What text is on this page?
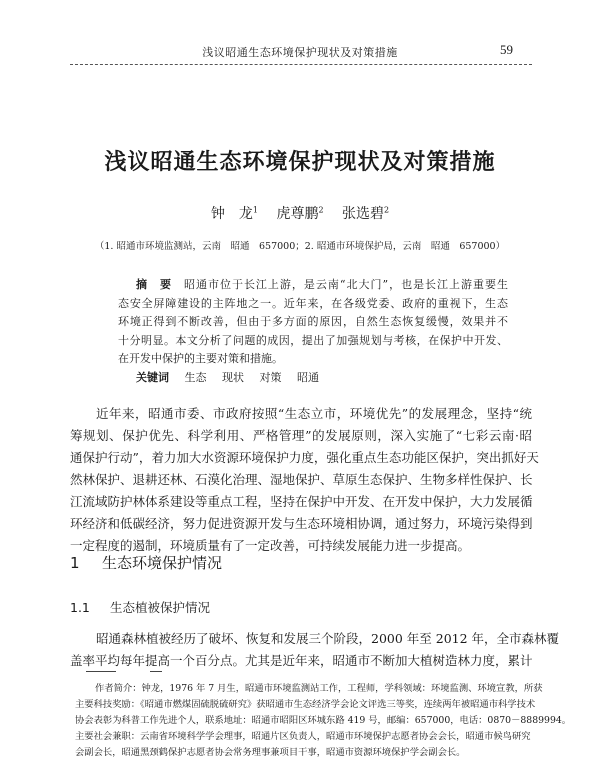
浅议昭通生态环境保护现状及对策措施	59
浅议昭通生态环境保护现状及对策措施
钟　龙$^1$ 虎尊鹏$^2$ 张选碧$^2$
（1. 昭通市环境监测站，云南　昭通　657000；2. 昭通市环境保护局，云南　昭通　657000）
摘　要 昭通市位于长江上游，是云南“北大门”，也是长江上游重要生
态安全屏障建设的主阵地之一。近年来，在各级党委、政府的重视下，生态
环境正得到不断改善，但由于多方面的原因，自然生态恢复缓慢，效果并不
十分明显。本文分析了问题的成因，提出了加强规划与考核，在保护中开发、
在开发中保护的主要对策和措施。
关键词 生态 现状 对策 昭通
近年来，昭通市委、市政府按照“生态立市，环境优先”的发展理念，坚持“统
筹规划、保护优先、科学利用、严格管理”的发展原则，深入实施了“七彩云南·昭
通保护行动”，着力加大水资源环境保护力度，强化重点生态功能区保护，突出抓好天
然林保护、退耕还林、石漠化治理、湿地保护、草原生态保护、生物多样性保护、长
江流域防护林体系建设等重点工程，坚持在保护中开发、在开发中保护，大力发展循
环经济和低碳经济，努力促进资源开发与生态环境相协调，通过努力，环境污染得到
一定程度的遏制，环境质量有了一定改善，可持续发展能力进一步提高。
1 生态环境保护情况
1.1 生态植被保护情况
昭通森林植被经历了破坏、恢复和发展三个阶段，2000 年至 2012 年，全市森林覆
盖率平均每年提高一个百分点。尤其是近年来，昭通市不断加大植树造林力度，累计
作者简介：钟龙，1976 年 7 月生，昭通市环境监测站工作，工程师，学科领域：环境监测、环境宣教，所获
主要科技奖励：《昭通市燃煤固硫脱硫研究》获昭通市生态经济学会论文评选三等奖，连续两年被昭通市科学技术
协会表彰为科普工作先进个人，联系地址：昭通市昭阳区环城东路 419 号，邮编：657000，电话：0870－8889994。
主要社会兼职：云南省环境科学学会理事，昭通片区负责人，昭通市环境保护志愿者协会会长，昭通市候鸟研究
会副会长，昭通黑颈鹤保护志愿者协会常务理事兼项目干事，昭通市资源环境保护学会副会长。
